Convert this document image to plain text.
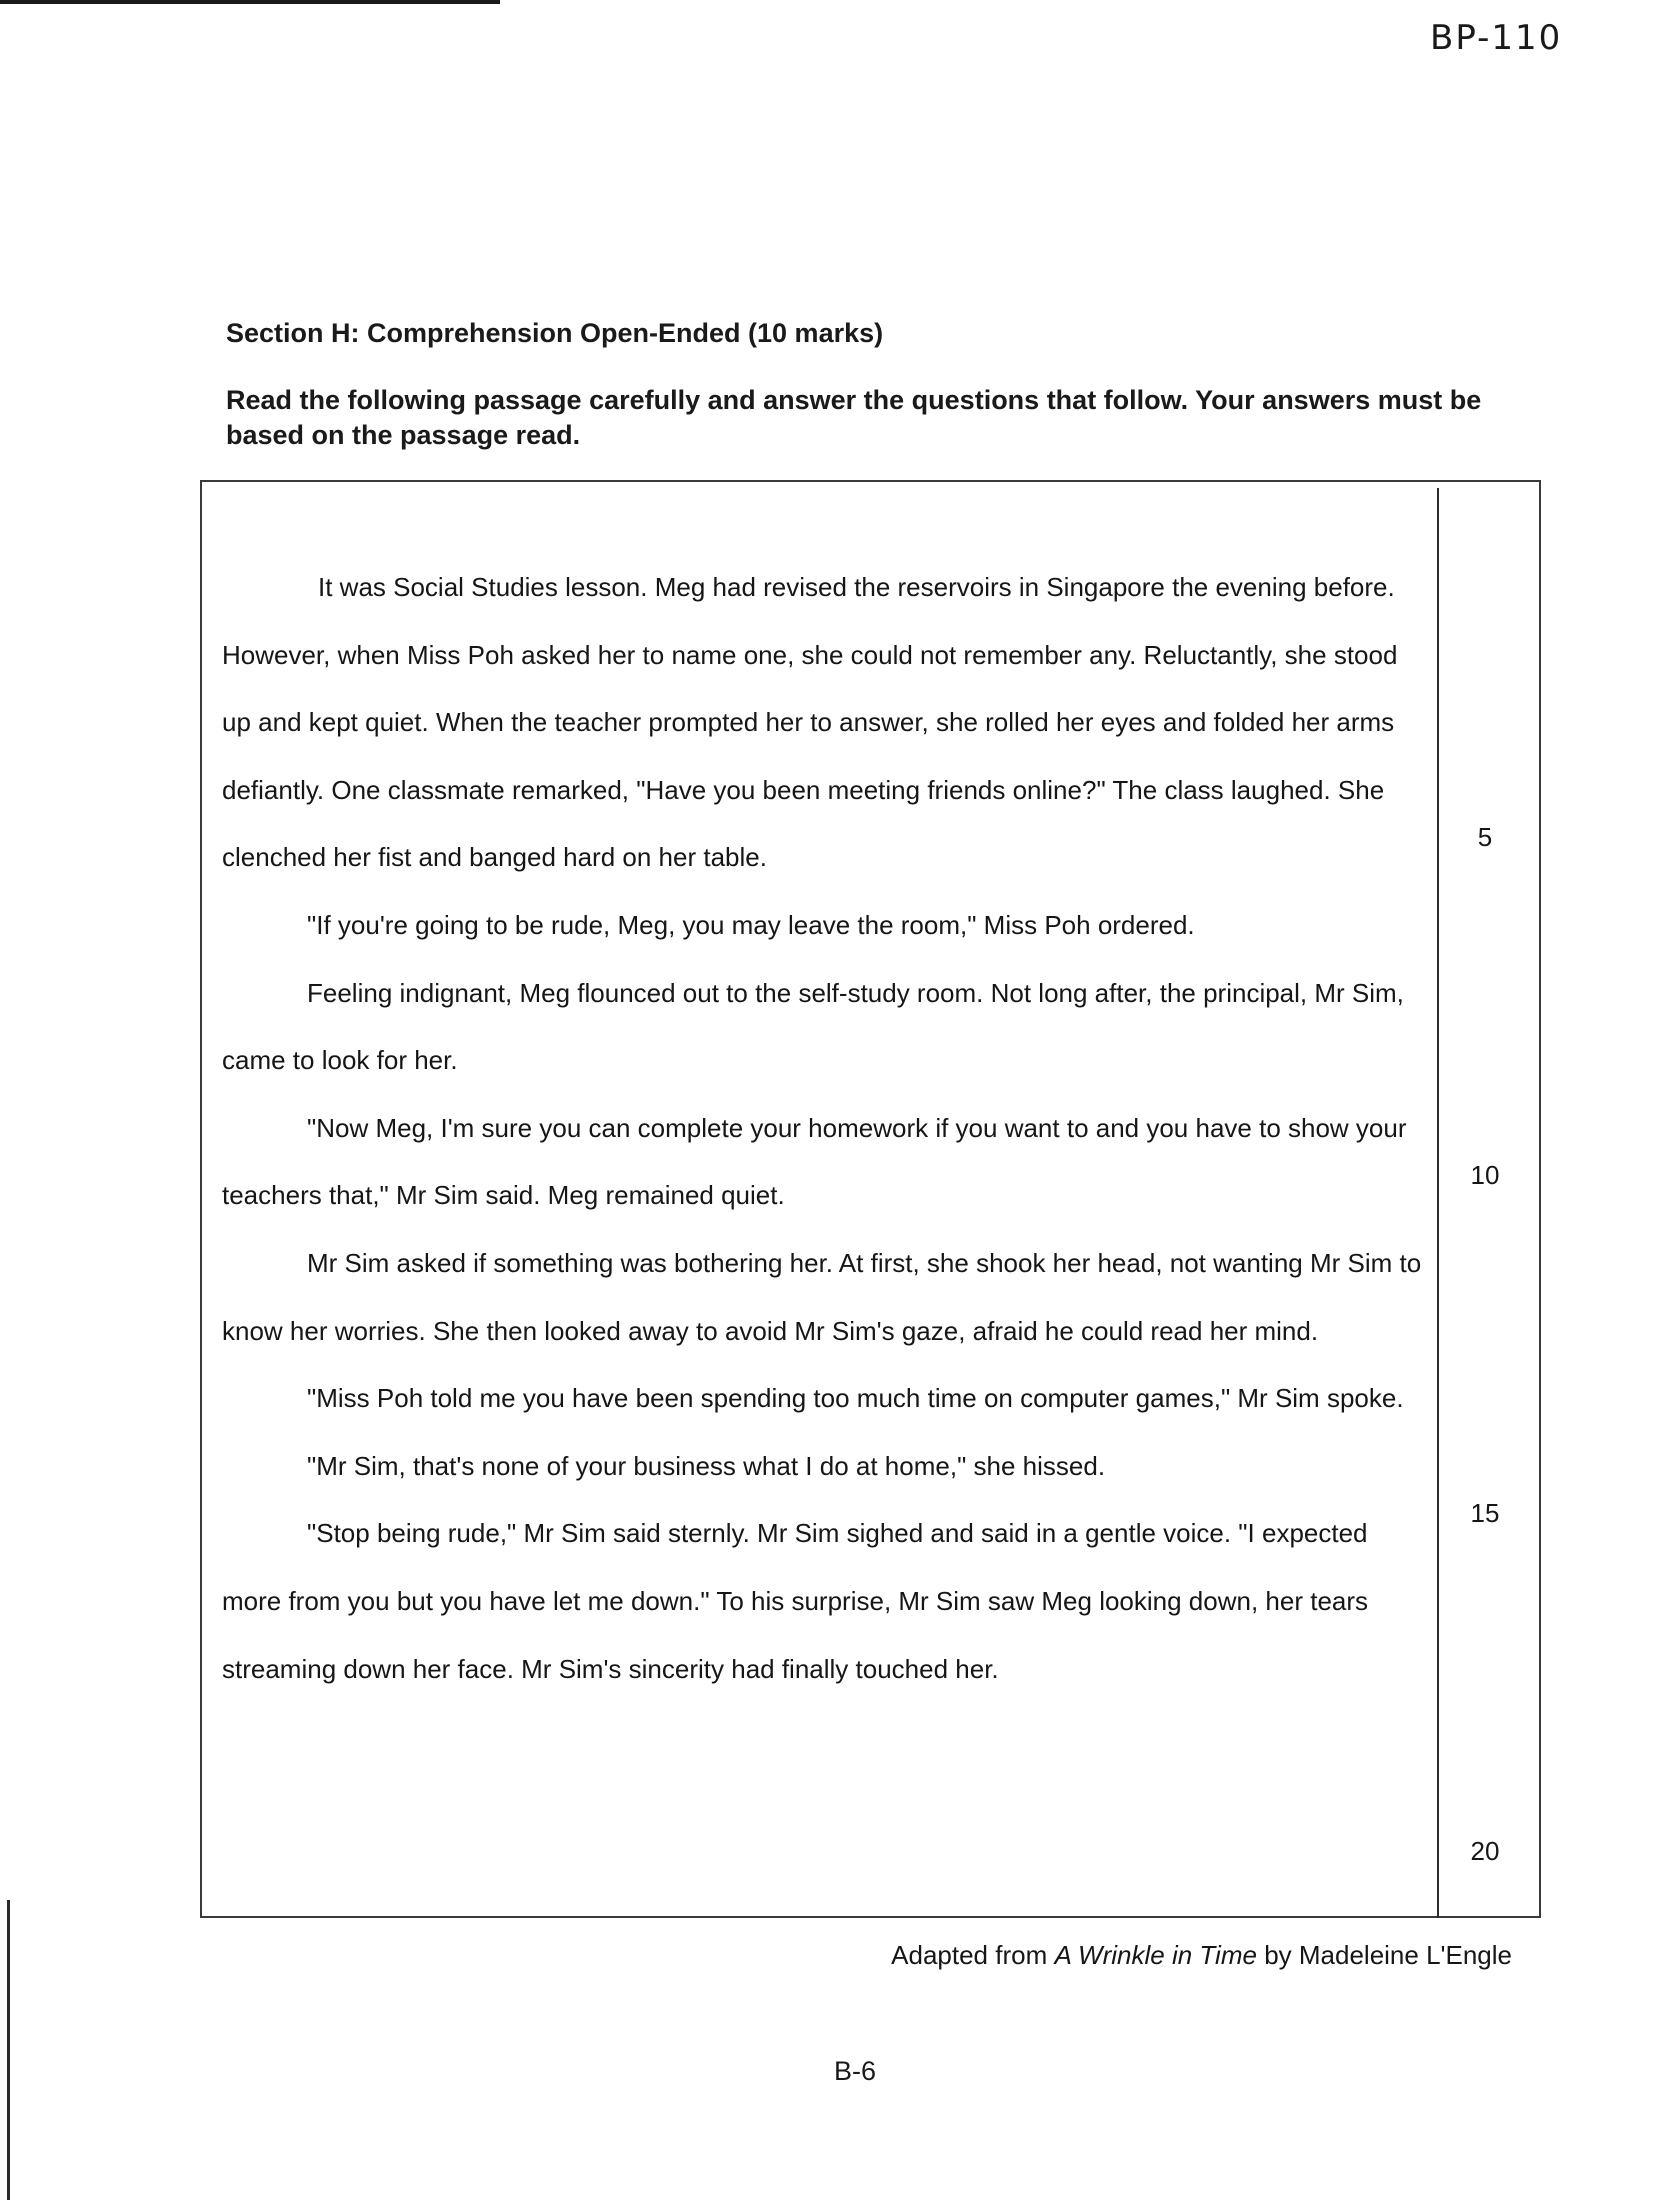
BP-110
Section H: Comprehension Open-Ended (10 marks)
Read the following passage carefully and answer the questions that follow. Your answers must be based on the passage read.

It was Social Studies lesson. Meg had revised the reservoirs in Singapore the evening before. However, when Miss Poh asked her to name one, she could not remember any. Reluctantly, she stood up and kept quiet. When the teacher prompted her to answer, she rolled her eyes and folded her arms defiantly. One classmate remarked, "Have you been meeting friends online?" The class laughed. She clenched her fist and banged hard on her table.

"If you're going to be rude, Meg, you may leave the room," Miss Poh ordered.

Feeling indignant, Meg flounced out to the self-study room. Not long after, the principal, Mr Sim, came to look for her.

"Now Meg, I'm sure you can complete your homework if you want to and you have to show your teachers that," Mr Sim said. Meg remained quiet.

Mr Sim asked if something was bothering her. At first, she shook her head, not wanting Mr Sim to know her worries. She then looked away to avoid Mr Sim's gaze, afraid he could read her mind.

"Miss Poh told me you have been spending too much time on computer games," Mr Sim spoke.

"Mr Sim, that's none of your business what I do at home," she hissed.

"Stop being rude," Mr Sim said sternly. Mr Sim sighed and said in a gentle voice. "I expected more from you but you have let me down." To his surprise, Mr Sim saw Meg looking down, her tears streaming down her face. Mr Sim's sincerity had finally touched her.

5
10
15
20
Adapted from A Wrinkle in Time by Madeleine L'Engle
B-6
